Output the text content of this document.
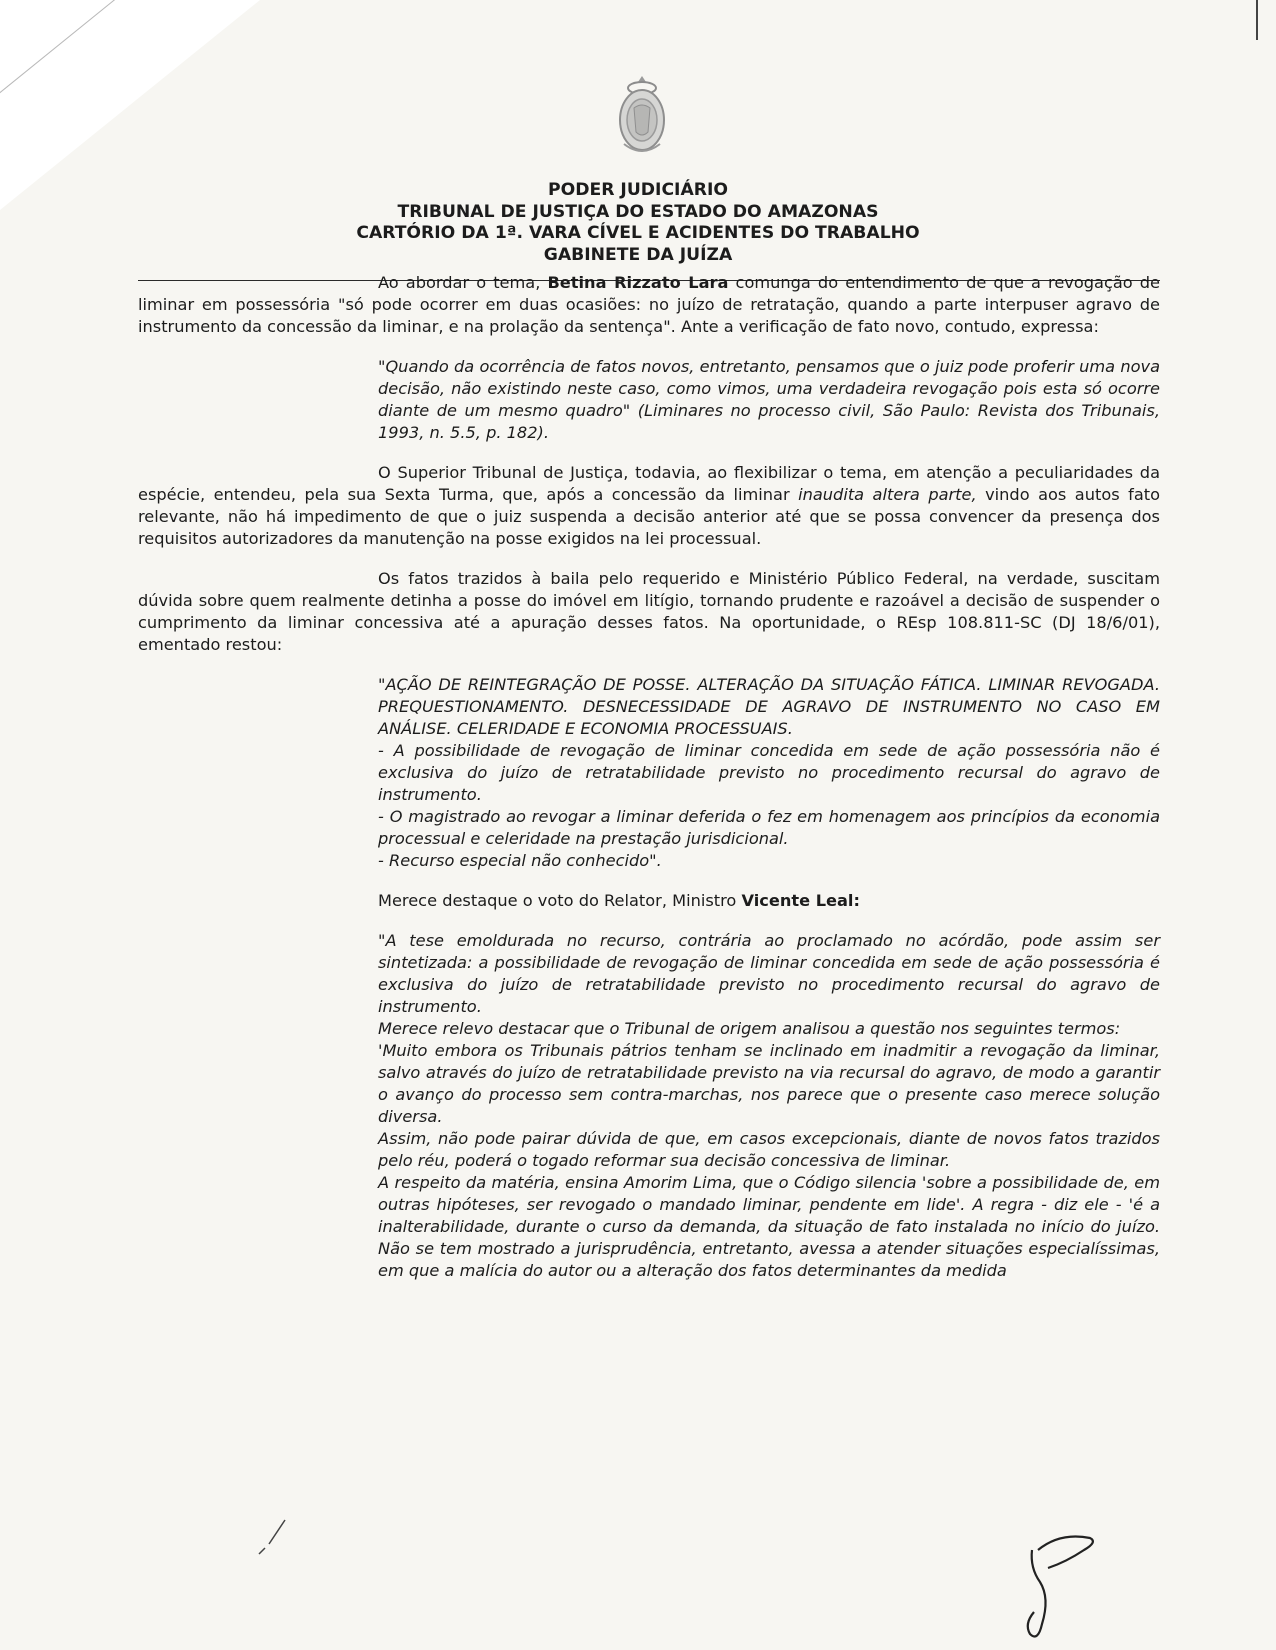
PODER JUDICIÁRIO
TRIBUNAL DE JUSTIÇA DO ESTADO DO AMAZONAS
CARTÓRIO DA 1ª. VARA CÍVEL E ACIDENTES DO TRABALHO
GABINETE DA JUÍZA

Ao abordar o tema, Betina Rizzato Lara comunga do entendimento de que a revogação de liminar em possessória "só pode ocorrer em duas ocasiões: no juízo de retratação, quando a parte interpuser agravo de instrumento da concessão da liminar, e na prolação da sentença". Ante a verificação de fato novo, contudo, expressa:

"Quando da ocorrência de fatos novos, entretanto, pensamos que o juiz pode proferir uma nova decisão, não existindo neste caso, como vimos, uma verdadeira revogação pois esta só ocorre diante de um mesmo quadro" (Liminares no processo civil, São Paulo: Revista dos Tribunais, 1993, n. 5.5, p. 182).

O Superior Tribunal de Justiça, todavia, ao flexibilizar o tema, em atenção a peculiaridades da espécie, entendeu, pela sua Sexta Turma, que, após a concessão da liminar inaudita altera parte, vindo aos autos fato relevante, não há impedimento de que o juiz suspenda a decisão anterior até que se possa convencer da presença dos requisitos autorizadores da manutenção na posse exigidos na lei processual.

Os fatos trazidos à baila pelo requerido e Ministério Público Federal, na verdade, suscitam dúvida sobre quem realmente detinha a posse do imóvel em litígio, tornando prudente e razoável a decisão de suspender o cumprimento da liminar concessiva até a apuração desses fatos. Na oportunidade, o REsp 108.811-SC (DJ 18/6/01), ementado restou:

"AÇÃO DE REINTEGRAÇÃO DE POSSE. ALTERAÇÃO DA SITUAÇÃO FÁTICA. LIMINAR REVOGADA. PREQUESTIONAMENTO. DESNECESSIDADE DE AGRAVO DE INSTRUMENTO NO CASO EM ANÁLISE. CELERIDADE E ECONOMIA PROCESSUAIS.

- A possibilidade de revogação de liminar concedida em sede de ação possessória não é exclusiva do juízo de retratabilidade previsto no procedimento recursal do agravo de instrumento.

- O magistrado ao revogar a liminar deferida o fez em homenagem aos princípios da economia processual e celeridade na prestação jurisdicional.

- Recurso especial não conhecido".

Merece destaque o voto do Relator, Ministro Vicente Leal:

"A tese emoldurada no recurso, contrária ao proclamado no acórdão, pode assim ser sintetizada: a possibilidade de revogação de liminar concedida em sede de ação possessória é exclusiva do juízo de retratabilidade previsto no procedimento recursal do agravo de instrumento.

Merece relevo destacar que o Tribunal de origem analisou a questão nos seguintes termos:

'Muito embora os Tribunais pátrios tenham se inclinado em inadmitir a revogação da liminar, salvo através do juízo de retratabilidade previsto na via recursal do agravo, de modo a garantir o avanço do processo sem contra-marchas, nos parece que o presente caso merece solução diversa.

Assim, não pode pairar dúvida de que, em casos excepcionais, diante de novos fatos trazidos pelo réu, poderá o togado reformar sua decisão concessiva de liminar.

A respeito da matéria, ensina Amorim Lima, que o Código silencia 'sobre a possibilidade de, em outras hipóteses, ser revogado o mandado liminar, pendente em lide'. A regra - diz ele - 'é a inalterabilidade, durante o curso da demanda, da situação de fato instalada no início do juízo. Não se tem mostrado a jurisprudência, entretanto, avessa a atender situações especialíssimas, em que a malícia do autor ou a alteração dos fatos determinantes da medida
